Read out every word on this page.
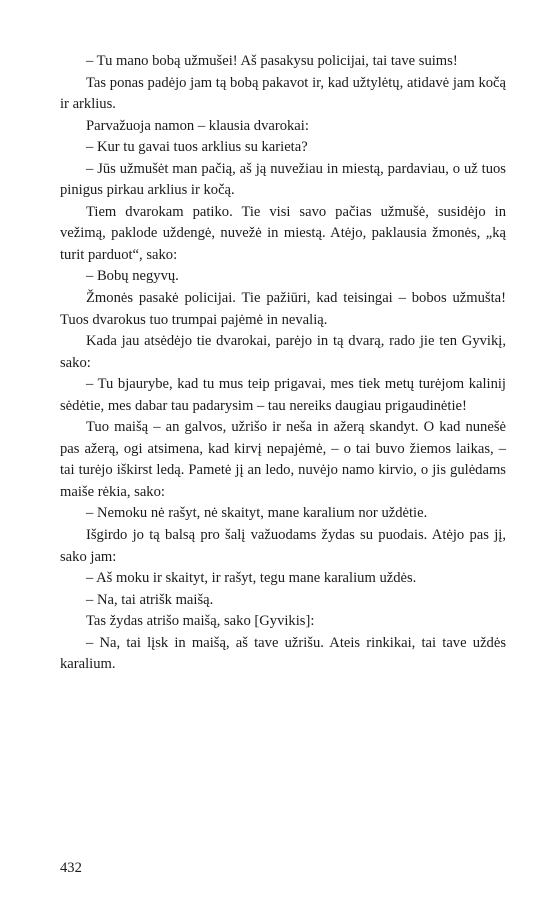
– Tu mano bobą užmušei! Aš pasakysu policijai, tai tave suims!

Tas ponas padėjo jam tą bobą pakavot ir, kad užtylėtų, atidavė jam kočą ir arklius.

Parvažuoja namon – klausia dvarokai:

– Kur tu gavai tuos arklius su karieta?

– Jūs užmušėt man pačią, aš ją nuvežiau in miestą, pardaviau, o už tuos pinigus pirkau arklius ir kočą.

Tiem dvarokam patiko. Tie visi savo pačias užmušė, susidėjo in vežimą, paklode uždengė, nuvežė in miestą. Atėjo, paklausia žmonės, „ką turit parduot“, sako:

– Bobų negyvų.

Žmonės pasakė policijai. Tie pažiūri, kad teisingai – bobos užmušta! Tuos dvarokus tuo trumpai pajėmė in nevalią.

Kada jau atsėdėjo tie dvarokai, parėjo in tą dvarą, rado jie ten Gyvikį, sako:

– Tu bjaurybe, kad tu mus teip prigavai, mes tiek metų turėjom kalinij sėdėtie, mes dabar tau padarysim – tau nereiks daugiau prigaudinėtie!

Tuo maišą – an galvos, užrišo ir neša in ažerą skandyt. O kad nunešė pas ažerą, ogi atsimena, kad kirvį nepajėmė, – o tai buvo žiemos laikas, – tai turėjo iškirst ledą. Pametė jį an ledo, nuvėjo namo kirvio, o jis gulėdams maiše rėkia, sako:

– Nemoku nė rašyt, nė skaityt, mane karalium nor uždėtie.

Išgirdo jo tą balsą pro šalį važuodams žydas su puodais. Atėjo pas jį, sako jam:

– Aš moku ir skaityt, ir rašyt, tegu mane karalium uždės.

– Na, tai atrišk maišą.

Tas žydas atrišo maišą, sako [Gyvikis]:

– Na, tai lįsk in maišą, aš tave užrišu. Ateis rinkikai, tai tave uždės karalium.

432
